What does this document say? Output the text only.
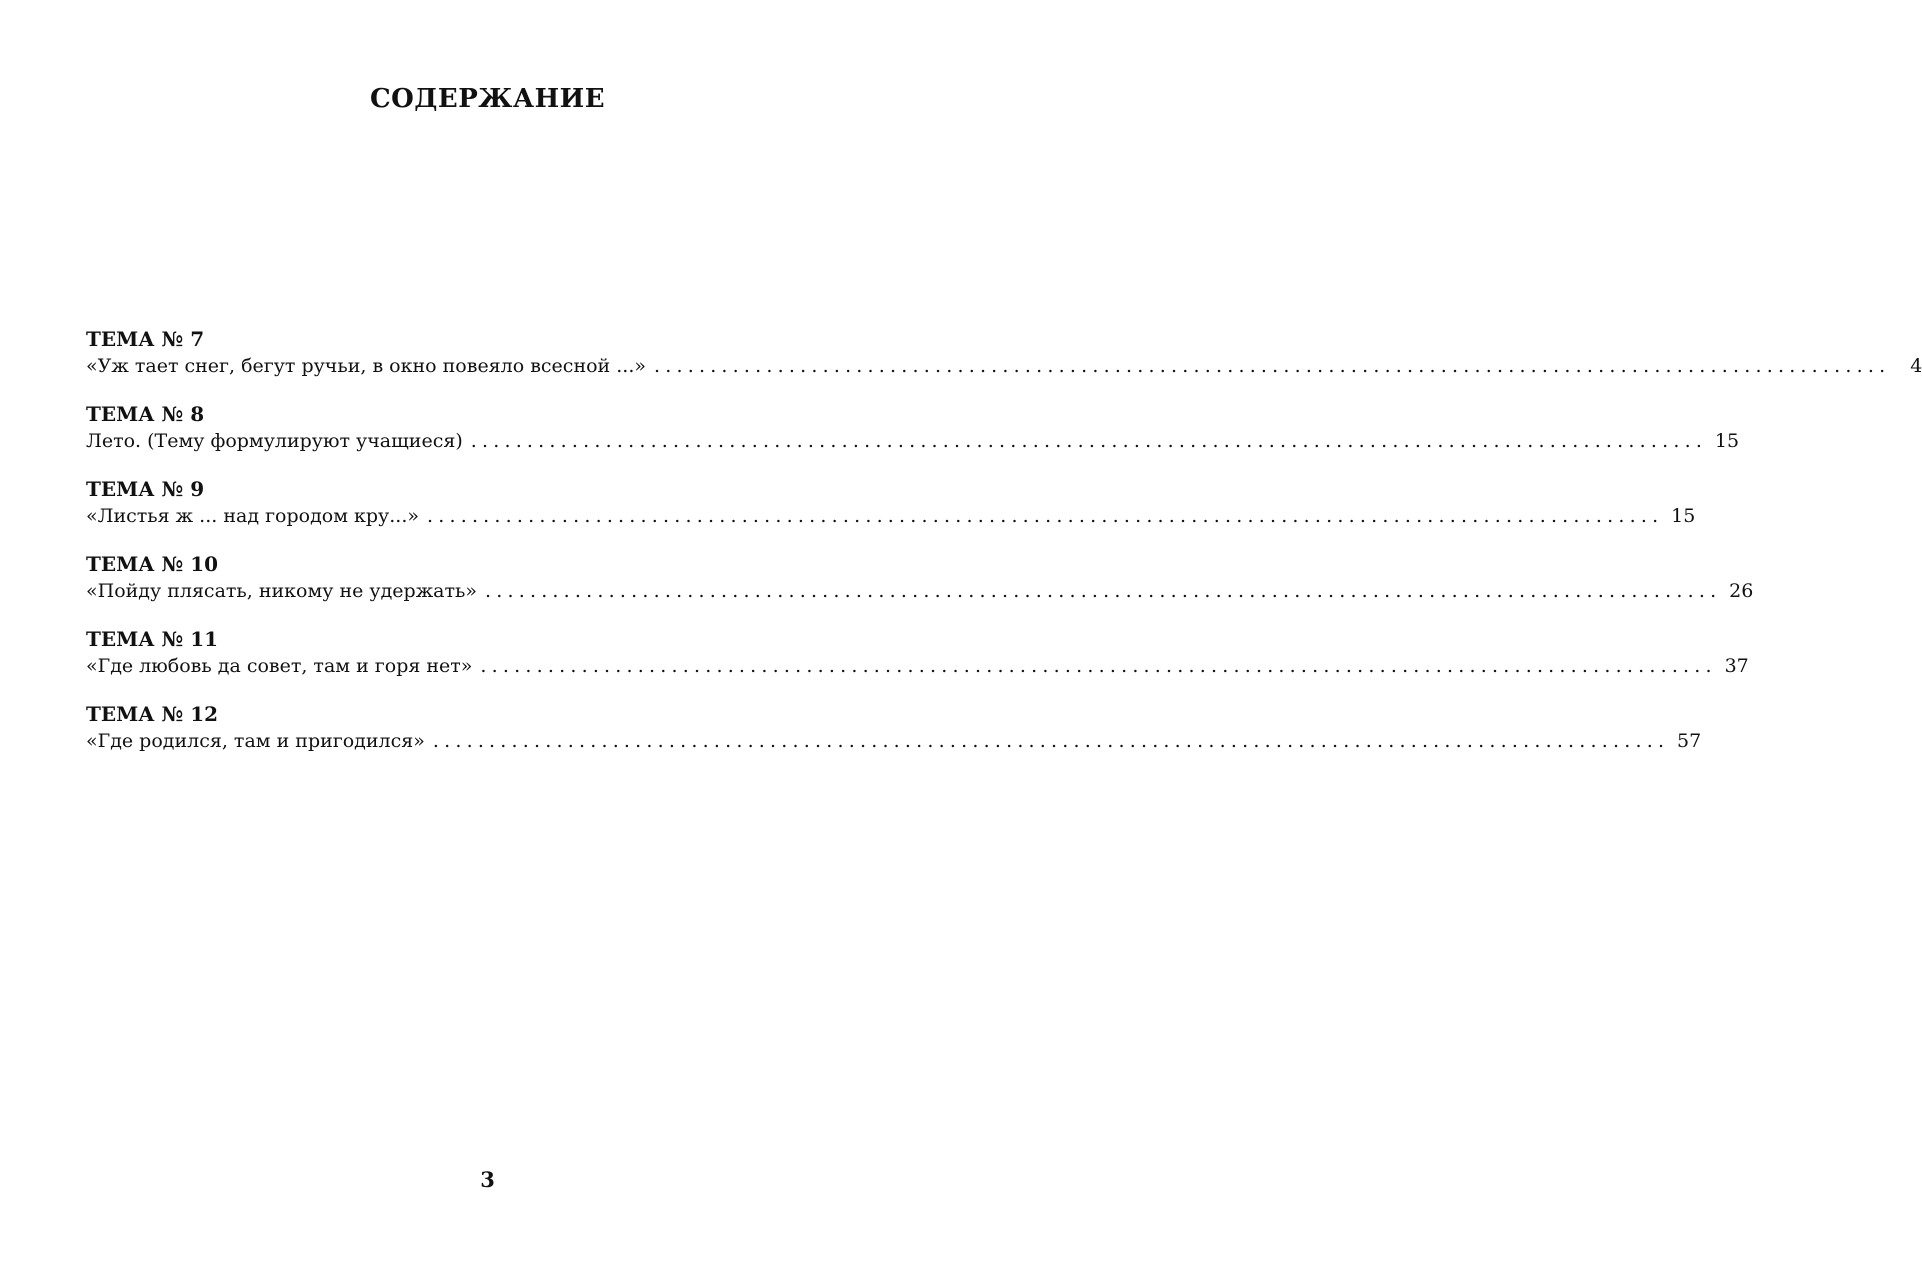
СОДЕРЖАНИЕ
ТЕМА № 7
«Уж тает снег, бегут ручьи, в окно повеяло всесной ...» ..............................................................................................................	4
ТЕМА № 8
Лето. (Тему формулируют учащиеся) .............................................................................................................. 15
ТЕМА № 9
«Листья ж ... над городом кру...» .............................................................................................................. 15
ТЕМА № 10
«Пойду плясать, никому не удержать» .............................................................................................................. 26
ТЕМА № 11
«Где любовь да совет, там и горя нет» .............................................................................................................. 37
ТЕМА № 12
«Где родился, там и пригодился» .............................................................................................................. 57
3
